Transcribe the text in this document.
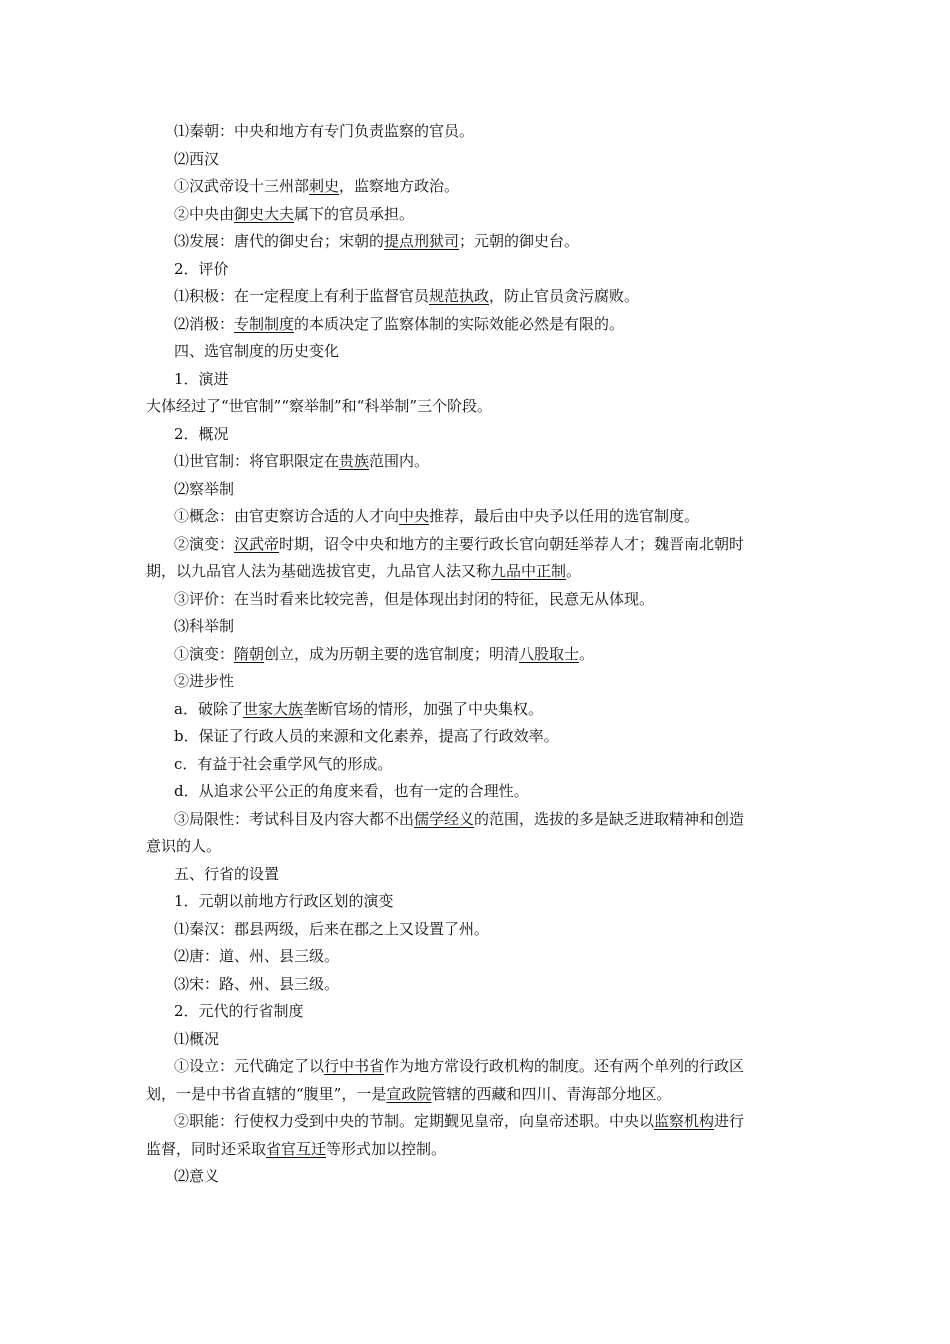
⑴秦朝：中央和地方有专门负责监察的官员。
⑵西汉
①汉武帝设十三州部刺史，监察地方政治。
②中央由御史大夫属下的官员承担。
⑶发展：唐代的御史台；宋朝的提点刑狱司；元朝的御史台。
2．评价
⑴积极：在一定程度上有利于监督官员规范执政，防止官员贪污腐败。
⑵消极：专制制度的本质决定了监察体制的实际效能必然是有限的。
四、选官制度的历史变化
1．演进
大体经过了“世官制”“察举制”和“科举制”三个阶段。
2．概况
⑴世官制：将官职限定在贵族范围内。
⑵察举制
①概念：由官吏察访合适的人才向中央推荐，最后由中央予以任用的选官制度。
②演变：汉武帝时期，诏令中央和地方的主要行政长官向朝廷举荐人才；魏晋南北朝时
期，以九品官人法为基础选拔官吏，九品官人法又称九品中正制。
③评价：在当时看来比较完善，但是体现出封闭的特征，民意无从体现。
⑶科举制
①演变：隋朝创立，成为历朝主要的选官制度；明清八股取士。
②进步性
a．破除了世家大族垄断官场的情形，加强了中央集权。
b．保证了行政人员的来源和文化素养，提高了行政效率。
c．有益于社会重学风气的形成。
d．从追求公平公正的角度来看，也有一定的合理性。
③局限性：考试科目及内容大都不出儒学经义的范围，选拔的多是缺乏进取精神和创造
意识的人。
五、行省的设置
1．元朝以前地方行政区划的演变
⑴秦汉：郡县两级，后来在郡之上又设置了州。
⑵唐：道、州、县三级。
⑶宋：路、州、县三级。
2．元代的行省制度
⑴概况
①设立：元代确定了以行中书省作为地方常设行政机构的制度。还有两个单列的行政区
划，一是中书省直辖的“腹里”，一是宣政院管辖的西藏和四川、青海部分地区。
②职能：行使权力受到中央的节制。定期觐见皇帝，向皇帝述职。中央以监察机构进行
监督，同时还采取省官互迁等形式加以控制。
⑵意义
